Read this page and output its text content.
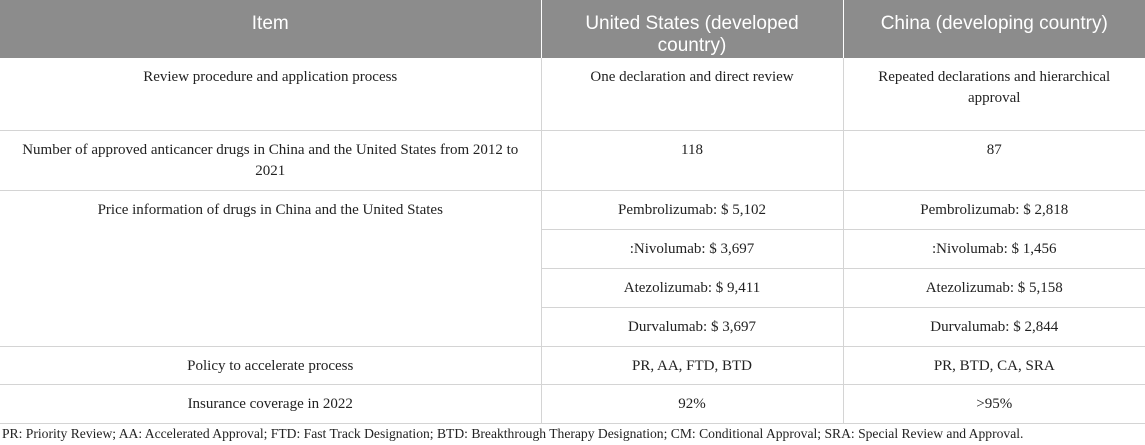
Item	United States (developed country)	China (developing country)
Review procedure and application process	One declaration and direct review	Repeated declarations and hierarchical approval
Number of approved anticancer drugs in China and the United States from 2012 to 2021	118	87
Price information of drugs in China and the United States	Pembrolizumab: $ 5,102	Pembrolizumab: $ 2,818
	:Nivolumab: $ 3,697	:Nivolumab: $ 1,456
	Atezolizumab: $ 9,411	Atezolizumab: $ 5,158
	Durvalumab: $ 3,697	Durvalumab: $ 2,844
Policy to accelerate process	PR, AA, FTD, BTD	PR, BTD, CA, SRA
Insurance coverage in 2022	92%	>95%
PR: Priority Review; AA: Accelerated Approval; FTD: Fast Track Designation; BTD: Breakthrough Therapy Designation; CM: Conditional Approval; SRA: Special Review and Approval.
